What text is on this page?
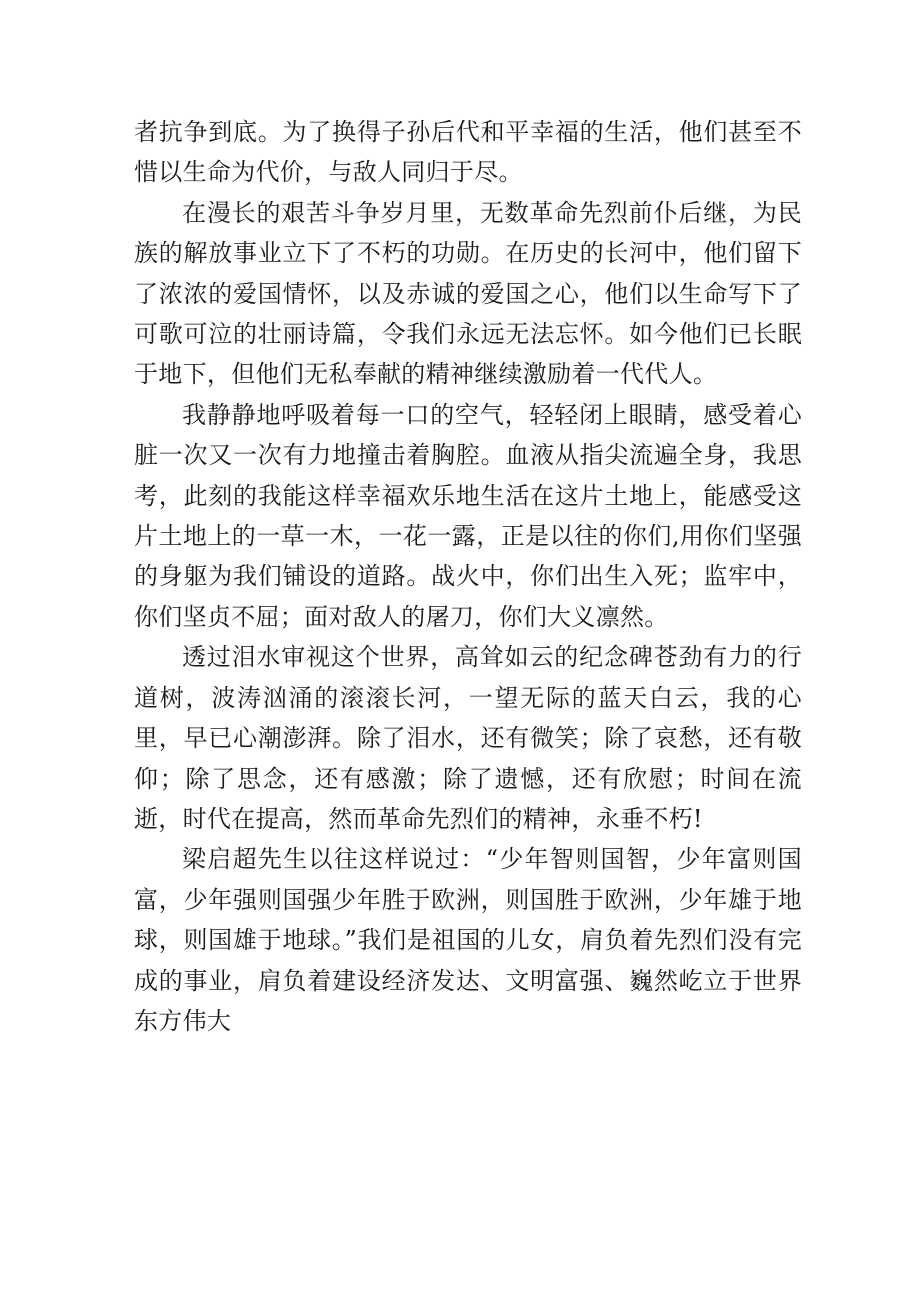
者抗争到底。为了换得子孙后代和平幸福的生活，他们甚至不惜以生命为代价，与敌人同归于尽。

在漫长的艰苦斗争岁月里，无数革命先烈前仆后继，为民族的解放事业立下了不朽的功勋。在历史的长河中，他们留下了浓浓的爱国情怀，以及赤诚的爱国之心，他们以生命写下了可歌可泣的壮丽诗篇，令我们永远无法忘怀。如今他们已长眠于地下，但他们无私奉献的精神继续激励着一代代人。

我静静地呼吸着每一口的空气，轻轻闭上眼睛，感受着心脏一次又一次有力地撞击着胸腔。血液从指尖流遍全身，我思考，此刻的我能这样幸福欢乐地生活在这片土地上，能感受这片土地上的一草一木，一花一露，正是以往的你们,用你们坚强的身躯为我们铺设的道路。战火中，你们出生入死；监牢中，你们坚贞不屈；面对敌人的屠刀，你们大义凛然。

透过泪水审视这个世界，高耸如云的纪念碑苍劲有力的行道树，波涛汹涌的滚滚长河，一望无际的蓝天白云，我的心里，早已心潮澎湃。除了泪水，还有微笑；除了哀愁，还有敬仰；除了思念，还有感激；除了遗憾，还有欣慰；时间在流逝，时代在提高，然而革命先烈们的精神，永垂不朽!

梁启超先生以往这样说过：“少年智则国智，少年富则国富，少年强则国强少年胜于欧洲，则国胜于欧洲，少年雄于地球，则国雄于地球。”我们是祖国的儿女，肩负着先烈们没有完成的事业，肩负着建设经济发达、文明富强、巍然屹立于世界东方伟大
